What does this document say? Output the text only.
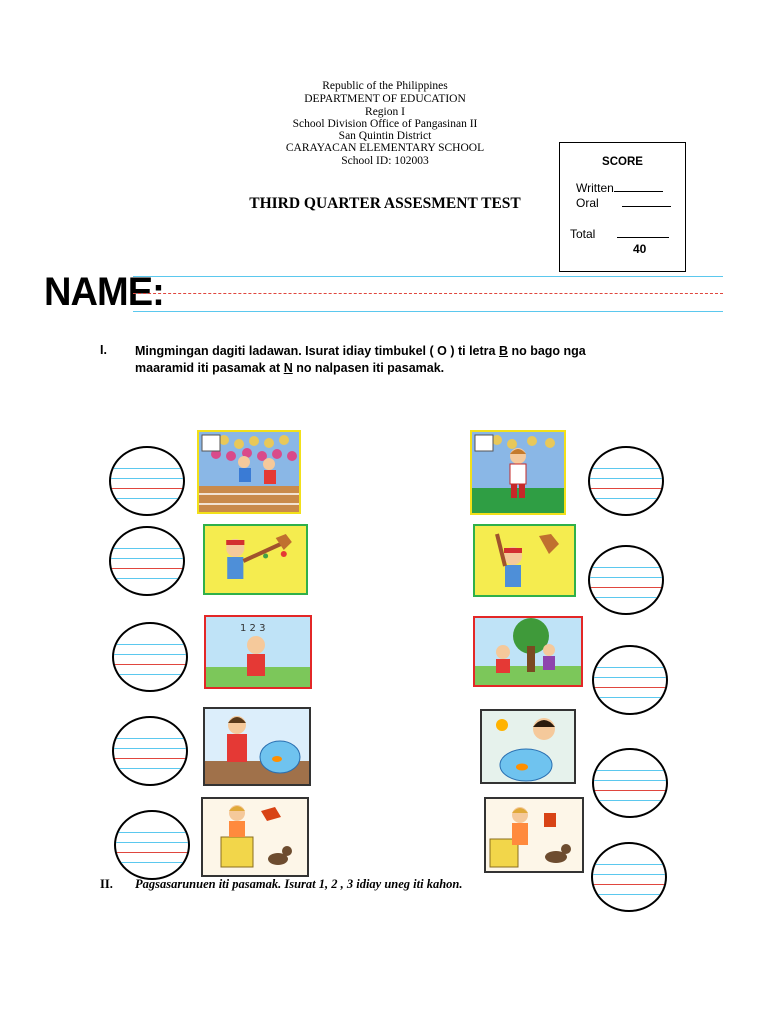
Republic of the Philippines
DEPARTMENT OF EDUCATION
Region I
School Division Office of Pangasinan II
San Quintin District
CARAYACAN ELEMENTARY SCHOOL
School ID: 102003
THIRD QUARTER ASSESMENT TEST
SCORE
Written
Oral
Total
40
NAME:
I. Mingmingan dagiti ladawan. Isurat idiay timbukel ( O ) ti letra B no bago nga
maaramid iti pasamak at N no nalpasen iti pasamak.
1 2 3
II. Pagsasarunuen iti pasamak. Isurat 1, 2 , 3 idiay uneg iti kahon.
